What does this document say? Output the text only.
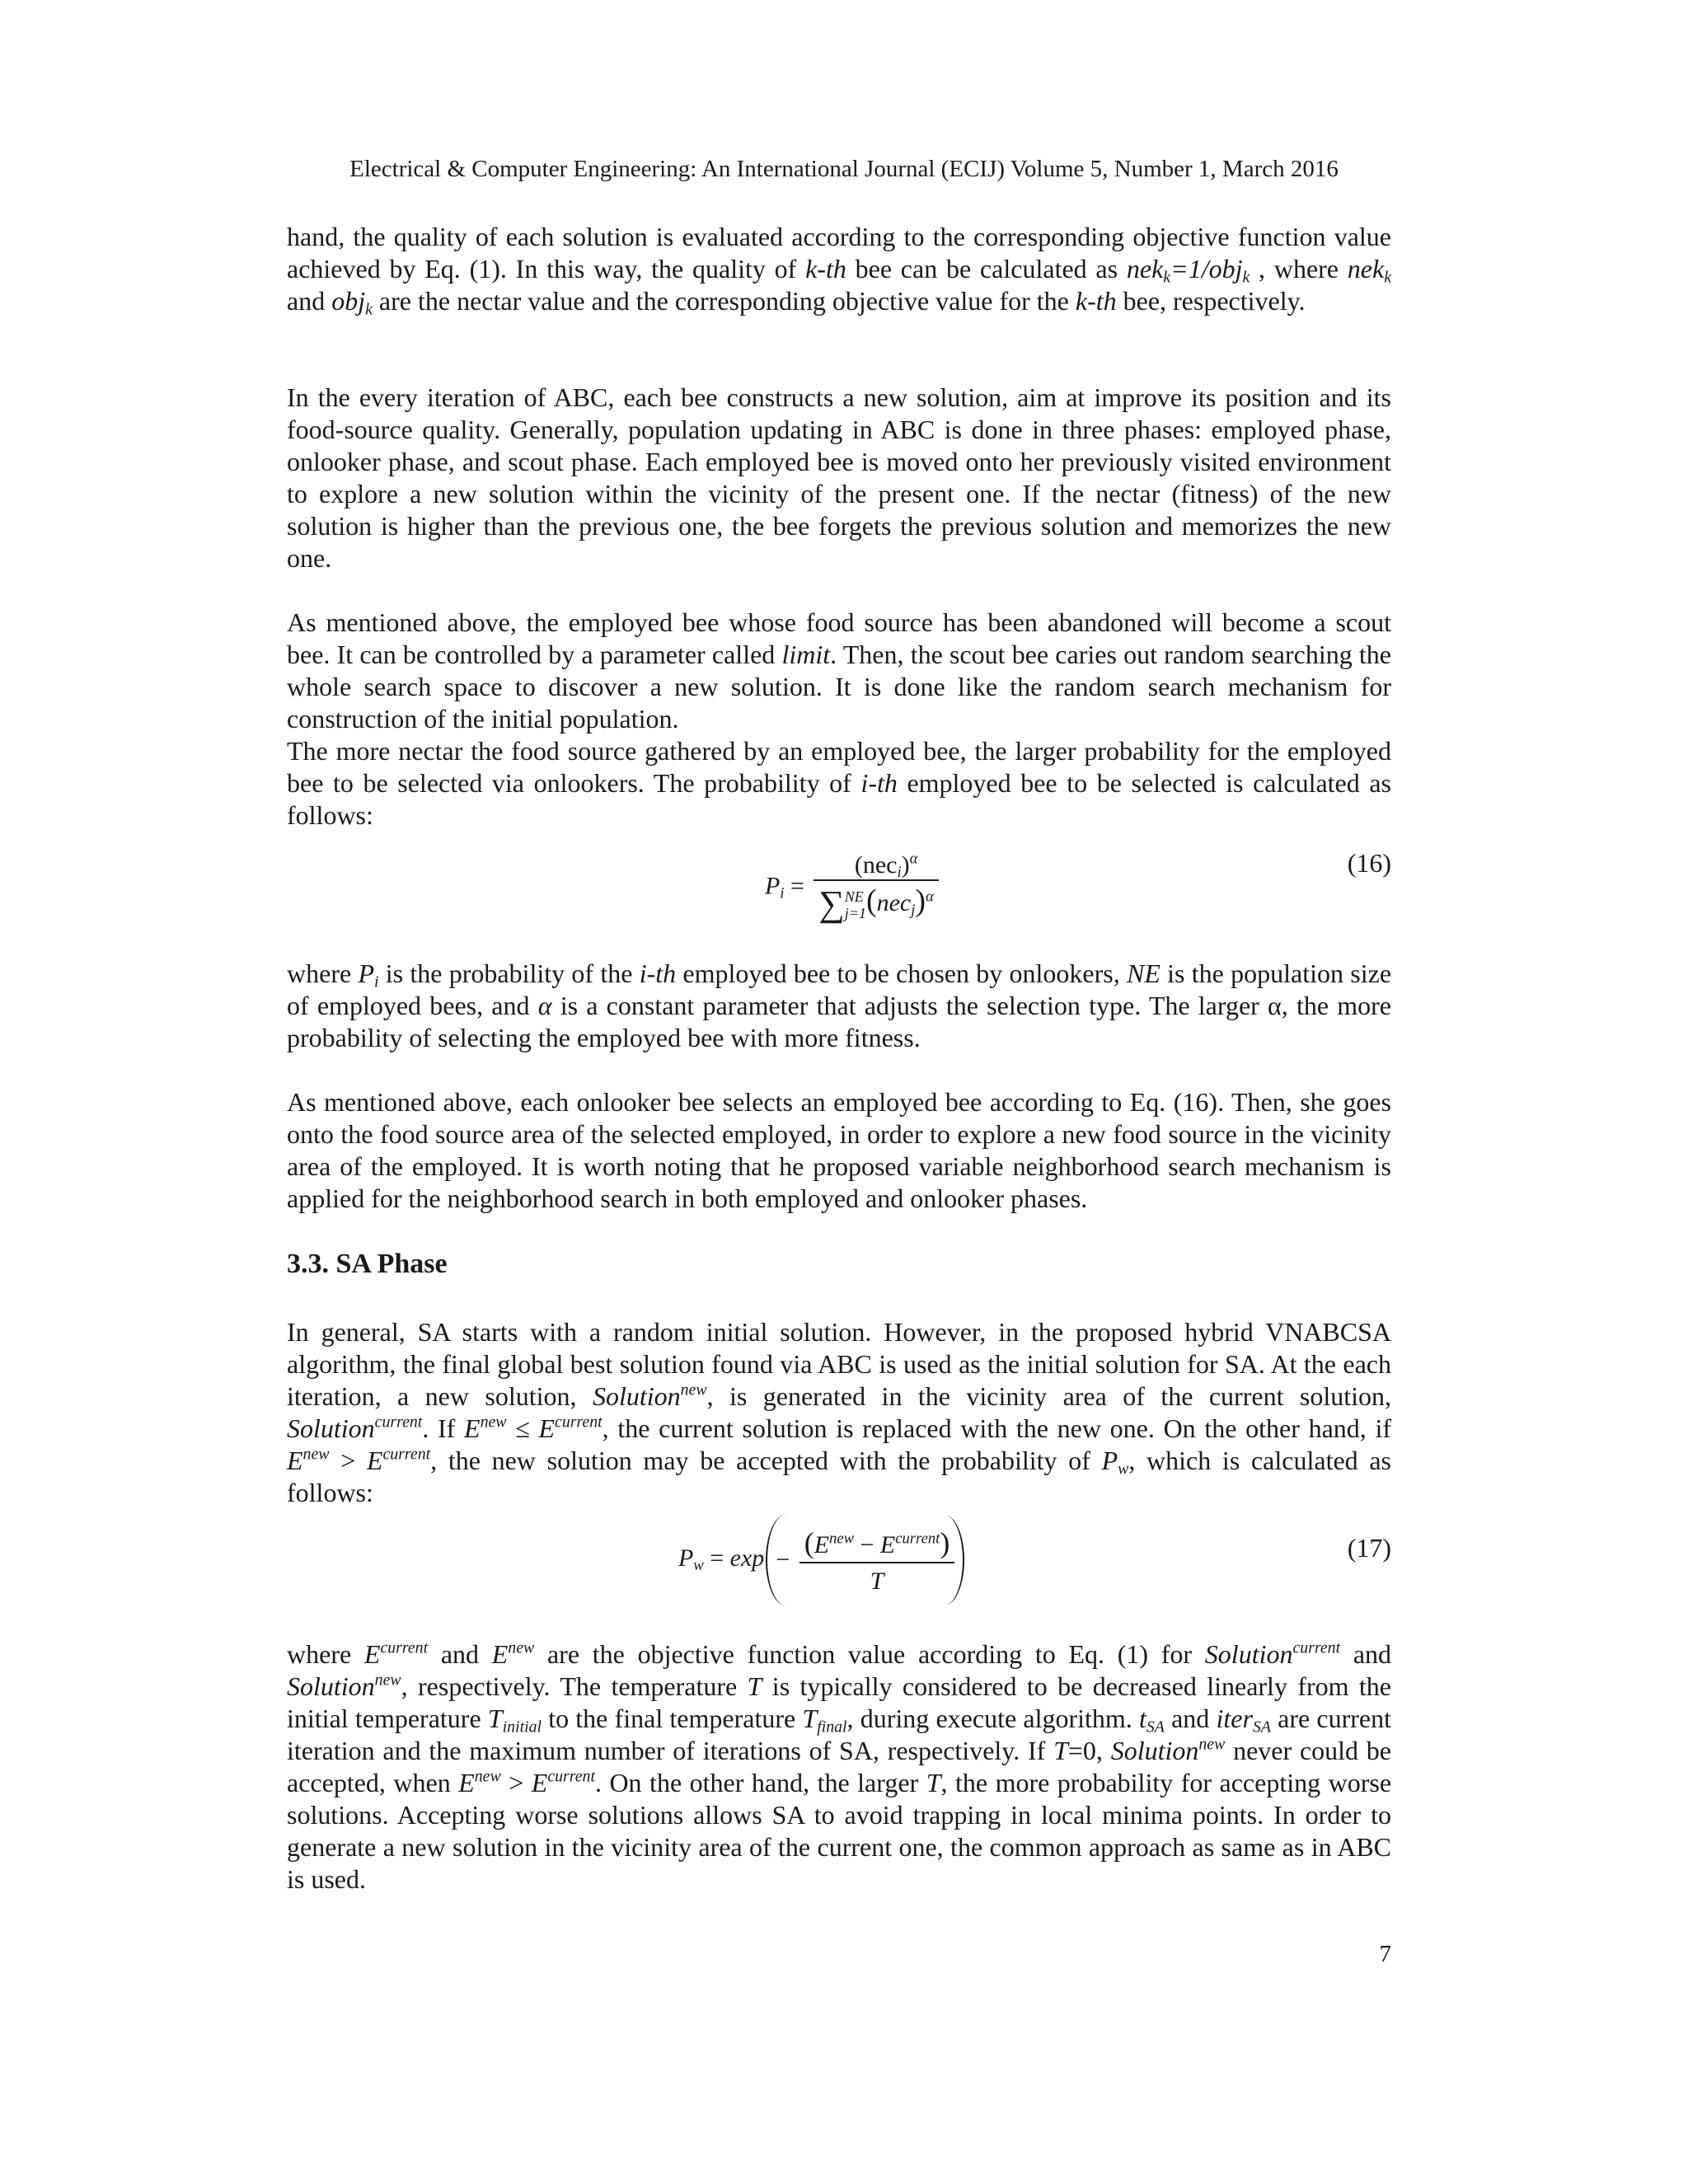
Electrical & Computer Engineering: An International Journal (ECIJ) Volume 5, Number 1, March 2016

hand, the quality of each solution is evaluated according to the corresponding objective function value achieved by Eq. (1). In this way, the quality of k-th bee can be calculated as nek$_k$=1/obj$_k$ , where nek$_k$ and obj$_k$ are the nectar value and the corresponding objective value for the k-th bee, respectively.

In the every iteration of ABC, each bee constructs a new solution, aim at improve its position and its food-source quality. Generally, population updating in ABC is done in three phases: employed phase, onlooker phase, and scout phase. Each employed bee is moved onto her previously visited environment to explore a new solution within the vicinity of the present one. If the nectar (fitness) of the new solution is higher than the previous one, the bee forgets the previous solution and memorizes the new one.

As mentioned above, the employed bee whose food source has been abandoned will become a scout bee. It can be controlled by a parameter called limit. Then, the scout bee caries out random searching the whole search space to discover a new solution. It is done like the random search mechanism for construction of the initial population.

The more nectar the food source gathered by an employed bee, the larger probability for the employed bee to be selected via onlookers. The probability of i-th employed bee to be selected is calculated as follows:

$P_i = (nec_i)^\alpha$
∑ NE
j=1 $(nec_j)^\alpha$	(16)

where $P_i$ is the probability of the i-th employed bee to be chosen by onlookers, NE is the population size of employed bees, and α is a constant parameter that adjusts the selection type. The larger α, the more probability of selecting the employed bee with more fitness.

As mentioned above, each onlooker bee selects an employed bee according to Eq. (16). Then, she goes onto the food source area of the selected employed, in order to explore a new food source in the vicinity area of the employed. It is worth noting that he proposed variable neighborhood search mechanism is applied for the neighborhood search in both employed and onlooker phases.

3.3. SA Phase

In general, SA starts with a random initial solution. However, in the proposed hybrid VNABCSA algorithm, the final global best solution found via ABC is used as the initial solution for SA. At the each iteration, a new solution, Solution$^{new}$, is generated in the vicinity area of the current solution, Solution$^{current}$. If $E^{new} \le E^{current}$, the current solution is replaced with the new one. On the other hand, if $E^{new} > E^{current}$, the new solution may be accepted with the probability of $P_w$, which is calculated as follows:

$P_w = \exp- \frac{(E^{new} - E^{current})}{T}$	(17)

where $E^{current}$ and $E^{new}$ are the objective function value according to Eq. (1) for Solution$^{current}$ and Solution$^{new}$, respectively. The temperature T is typically considered to be decreased linearly from the initial temperature $T_{initial}$ to the final temperature $T_{final}$, during execute algorithm. $t_{SA}$ and iter$_{SA}$ are current iteration and the maximum number of iterations of SA, respectively. If T=0, Solution$^{new}$ never could be accepted, when $E^{new} > E^{current}$. On the other hand, the larger T, the more probability for accepting worse solutions. Accepting worse solutions allows SA to avoid trapping in local minima points. In order to generate a new solution in the vicinity area of the current one, the common approach as same as in ABC is used.

7
